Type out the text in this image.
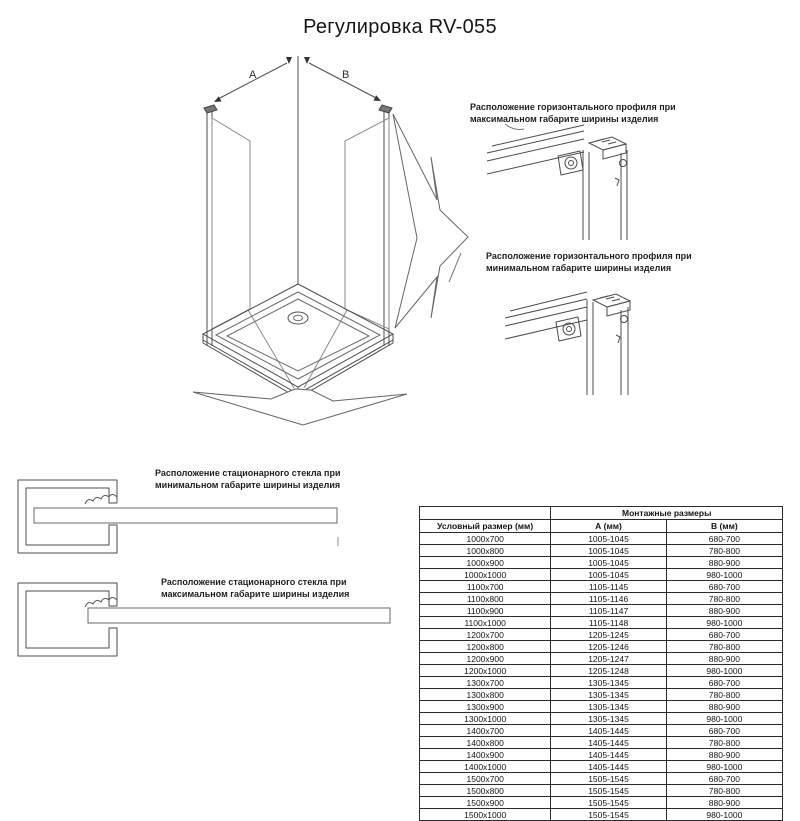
Регулировка RV-055
A	B
Расположение горизонтального профиля при максимальном габарите ширины изделия
Расположение горизонтального профиля при минимальном габарите ширины изделия
Расположение стационарного стекла при минимальном габарите ширины изделия
Расположение стационарного стекла при максимальном габарите ширины изделия
	Монтажные размеры	
Условный размер (мм)	А (мм)	В (мм)
1000x700	1005-1045	680-700
1000x800	1005-1045	780-800
1000x900	1005-1045	880-900
1000x1000	1005-1045	980-1000
1100x700	1105-1145	680-700
1100x800	1105-1146	780-800
1100x900	1105-1147	880-900
1100x1000	1105-1148	980-1000
1200x700	1205-1245	680-700
1200x800	1205-1246	780-800
1200x900	1205-1247	880-900
1200x1000	1205-1248	980-1000
1300x700	1305-1345	680-700
1300x800	1305-1345	780-800
1300x900	1305-1345	880-900
1300x1000	1305-1345	980-1000
1400x700	1405-1445	680-700
1400x800	1405-1445	780-800
1400x900	1405-1445	880-900
1400x1000	1405-1445	980-1000
1500x700	1505-1545	680-700
1500x800	1505-1545	780-800
1500x900	1505-1545	880-900
1500x1000	1505-1545	980-1000
